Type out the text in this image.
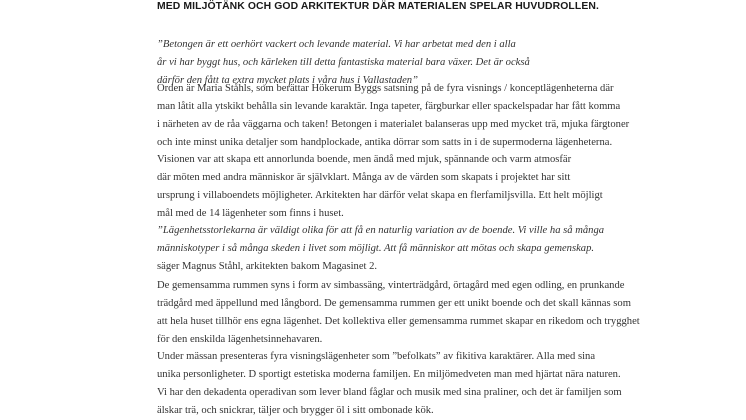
MED MILJÖTÄNK OCH GOD ARKITEKTUR DÄR MATERIALEN SPELAR HUVUDROLLEN.
”Betongen är ett oerhört vackert och levande material. Vi har arbetat med den i alla
år vi har byggt hus, och kärleken till detta fantastiska material bara växer. Det är också
därför den fått ta extra mycket plats i våra hus i Vallastaden”
Orden är Maria Ståhls, som berättar Hökerum Byggs satsning på de fyra visnings / konceptlägenheterna där
man låtit alla ytskikt behålla sin levande karaktär. Inga tapeter, färgburkar eller spackelspadar har fått komma
i närheten av de råa väggarna och taken! Betongen i materialet balanseras upp med mycket trä, mjuka färgtoner
och inte minst unika detaljer som handplockade, antika dörrar som satts in i de supermoderna lägenheterna.
Visionen var att skapa ett annorlunda boende, men ändå med mjuk, spännande och varm atmosfär
där möten med andra människor är självklart. Många av de värden som skapats i projektet har sitt
ursprung i villaboendets möjligheter. Arkitekten har därför velat skapa en flerfamiljsvilla. Ett helt möjligt
mål med de 14 lägenheter som finns i huset.
”Lägenhetsstorlekarna är väldigt olika för att få en naturlig variation av de boende. Vi ville ha så många
människotyper i så många skeden i livet som möjligt. Att få människor att mötas och skapa gemenskap.
säger Magnus Ståhl, arkitekten bakom Magasinet 2.
De gemensamma rummen syns i form av simbassäng, vinterträdgård, örtagård med egen odling, en prunkande
trädgård med äppellund med långbord. De gemensamma rummen ger ett unikt boende och det skall kännas som
att hela huset tillhör ens egna lägenhet. Det kollektiva eller gemensamma rummet skapar en rikedom och trygghet
för den enskilda lägenhetsinnehavaren.
Under mässan presenteras fyra visningslägenheter som ”befolkats” av fikitiva karaktärer. Alla med sina
unika personligheter. D sportigt estetiska moderna familjen. En miljömedveten man med hjärtat nära naturen.
Vi har den dekadenta operadivan som lever bland fåglar och musik med sina praliner, och det är familjen som
älskar trä, och snickrar, täljer och brygger öl i sitt ombonade kök.
